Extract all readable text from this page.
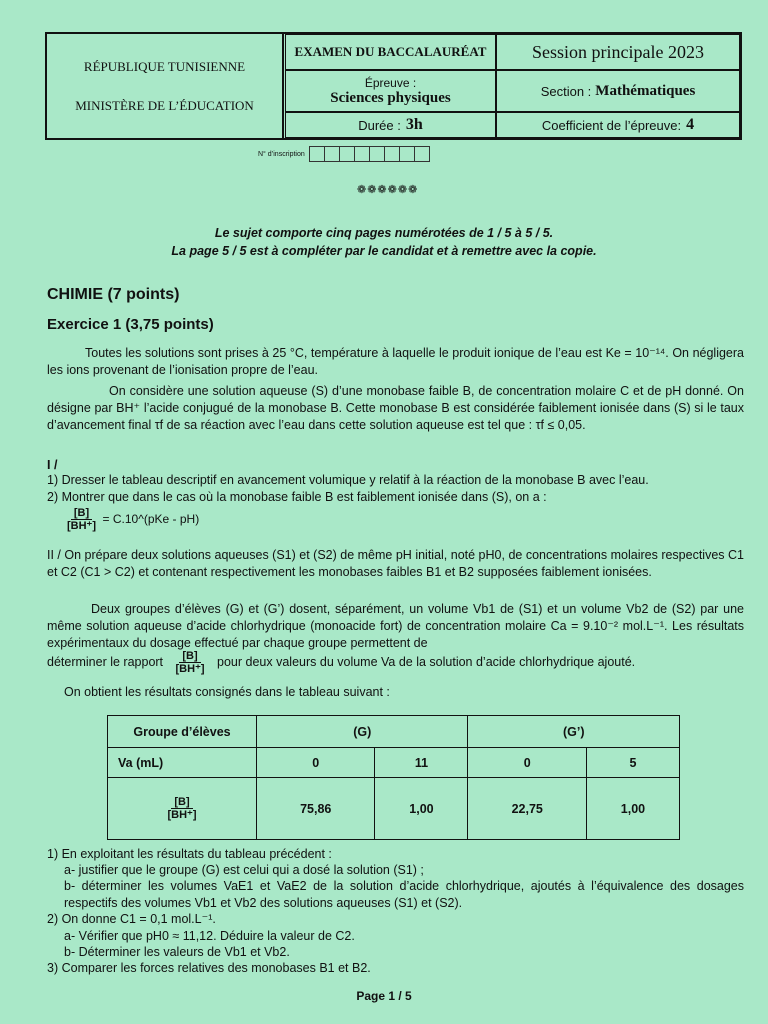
RÉPUBLIQUE TUNISIENNE
MINISTÈRE DE L’ÉDUCATION
EXAMEN DU BACCALAURÉAT	Session principale 2023
Épreuve :
Sciences physiques	Section : Mathématiques
Durée : 3h	Coefficient de l’épreuve: 4
N° d’inscription
❁❁❁❁❁❁
Le sujet comporte cinq pages numérotées de 1 / 5 à 5 / 5.
La page 5 / 5 est à compléter par le candidat et à remettre avec la copie.
CHIMIE (7 points)
Exercice 1 (3,75 points)
Toutes les solutions sont prises à 25 °C, température à laquelle le produit ionique de l’eau est Ke = 10⁻¹⁴. On négligera les ions provenant de l’ionisation propre de l’eau.
On considère une solution aqueuse (S) d’une monobase faible B, de concentration molaire C et de pH donné. On désigne par BH⁺ l’acide conjugué de la monobase B. Cette monobase B est considérée faiblement ionisée dans (S) si le taux d’avancement final τf de sa réaction avec l’eau dans cette solution aqueuse est tel que : τf ≤ 0,05.
I /
1) Dresser le tableau descriptif en avancement volumique y relatif à la réaction de la monobase B avec l’eau.
2) Montrer que dans le cas où la monobase faible B est faiblement ionisée dans (S), on a :
$\frac{[B]}{[BH^+]}$ = C.10^(pKe - pH)
II / On prépare deux solutions aqueuses (S1) et (S2) de même pH initial, noté pH0, de concentrations molaires respectives C1 et C2 (C1 > C2) et contenant respectivement les monobases faibles B1 et B2 supposées faiblement ionisées.
Deux groupes d’élèves (G) et (G’) dosent, séparément, un volume Vb1 de (S1) et un volume Vb2 de (S2) par une même solution aqueuse d’acide chlorhydrique (monoacide fort) de concentration molaire Ca = 9.10⁻² mol.L⁻¹. Les résultats expérimentaux du dosage effectué par chaque groupe permettent de
déterminer le rapport $\frac{[B]}{[BH^+]}$ pour deux valeurs du volume Va de la solution d’acide chlorhydrique ajouté.
On obtient les résultats consignés dans le tableau suivant :
Groupe d’élèves	(G)		(G’)	
Va (mL)	0	11	0	5

$\frac{[B]}{[BH^+]}$	75,86	1,00	22,75	1,00
1) En exploitant les résultats du tableau précédent :
a- justifier que le groupe (G) est celui qui a dosé la solution (S1) ;
b- déterminer les volumes VaE1 et VaE2 de la solution d’acide chlorhydrique, ajoutés à l’équivalence des dosages respectifs des volumes Vb1 et Vb2 des solutions aqueuses (S1) et (S2).
2) On donne C1 = 0,1 mol.L⁻¹.
a- Vérifier que pH0 ≈ 11,12. Déduire la valeur de C2.
b- Déterminer les valeurs de Vb1 et Vb2.
3) Comparer les forces relatives des monobases B1 et B2.
Page 1 / 5
